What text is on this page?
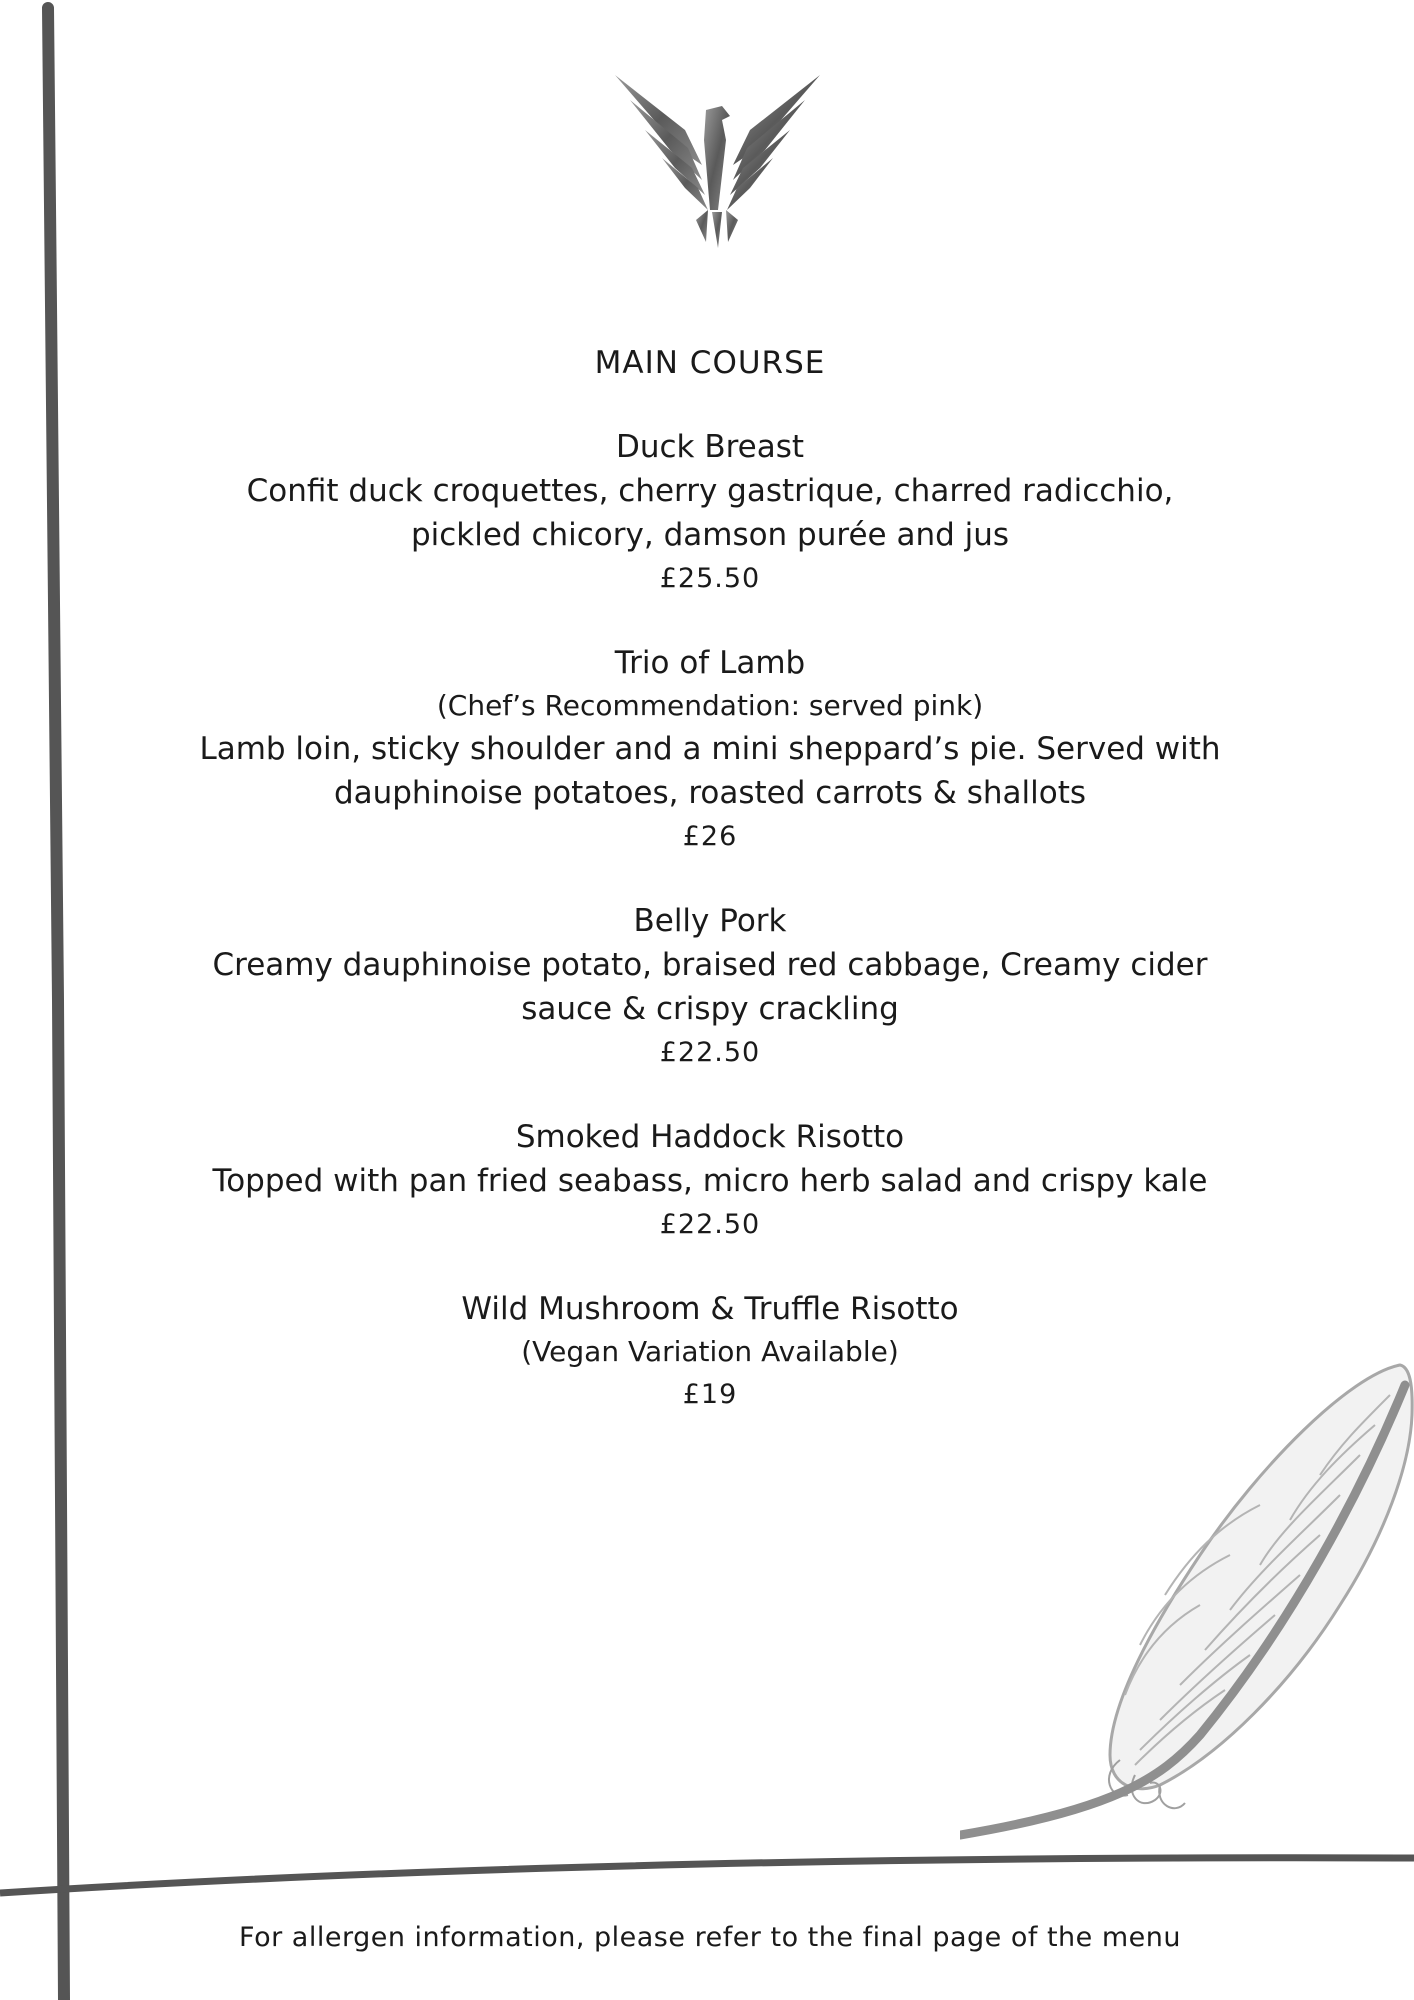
MAIN COURSE

Duck Breast

Confit duck croquettes, cherry gastrique, charred radicchio,

pickled chicory, damson purée and jus

£25.50

Trio of Lamb

(Chef’s Recommendation: served pink)

Lamb loin, sticky shoulder and a mini sheppard’s pie. Served with

dauphinoise potatoes, roasted carrots & shallots

£26

Belly Pork

Creamy dauphinoise potato, braised red cabbage, Creamy cider

sauce & crispy crackling

£22.50

Smoked Haddock Risotto

Topped with pan fried seabass, micro herb salad and crispy kale

£22.50

Wild Mushroom & Truffle Risotto

(Vegan Variation Available)

£19

For allergen information, please refer to the final page of the menu
